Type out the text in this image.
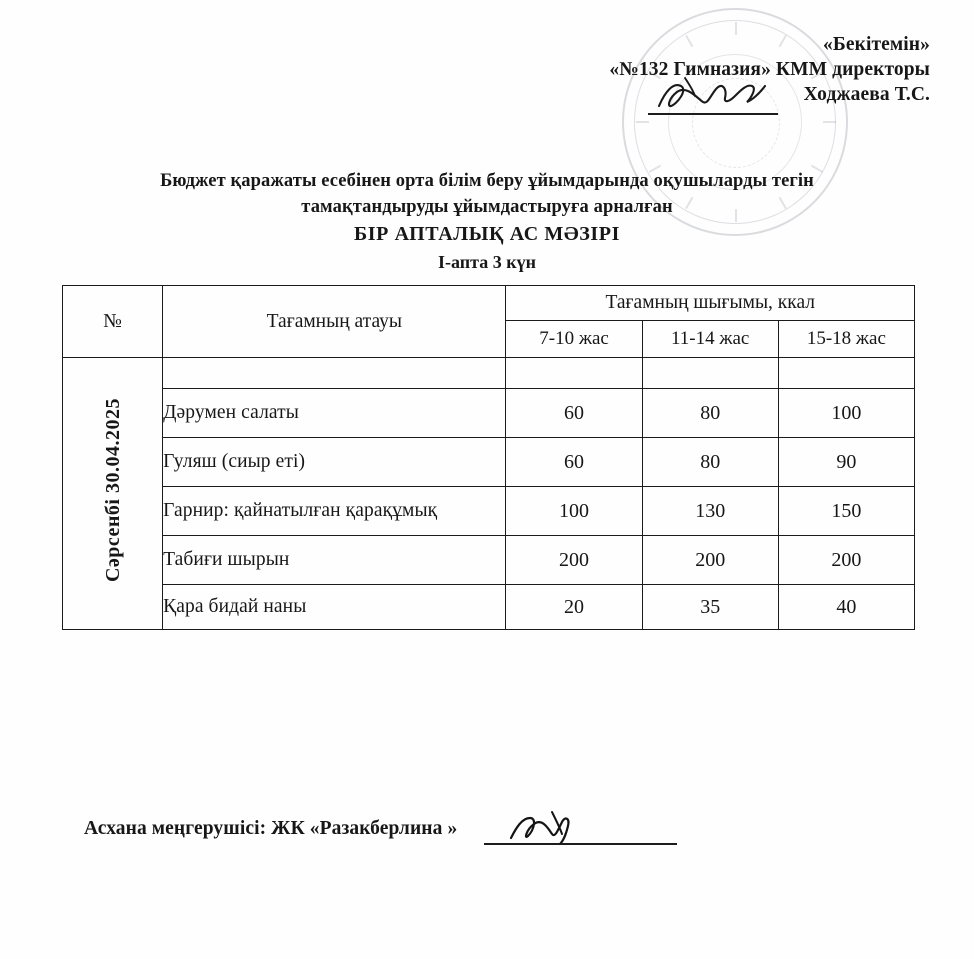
«Бекітемін»
«№132 Гимназия» КММ директоры
Ходжаева Т.С.
Бюджет қаражаты есебінен орта білім беру ұйымдарында оқушыларды тегін
тамақтандыруды ұйымдастыруға арналған
БІР АПТАЛЫҚ АС МӘЗІРІ
I-апта 3 күн
№	Тағамның атауы	Тағамның шығымы, ккал		
		7-10 жас	11-14 жас	15-18 жас
Сәрсенбі 30.04.2025				
	Дәрумен салаты	60	80	100
	Гуляш (сиыр еті)	60	80	90
	Гарнир: қайнатылған қарақұмық	100	130	150
	Табиғи шырын	200	200	200
	Қара бидай наны	20	35	40
Асхана меңгерушісі: ЖК «Разакберлина »
